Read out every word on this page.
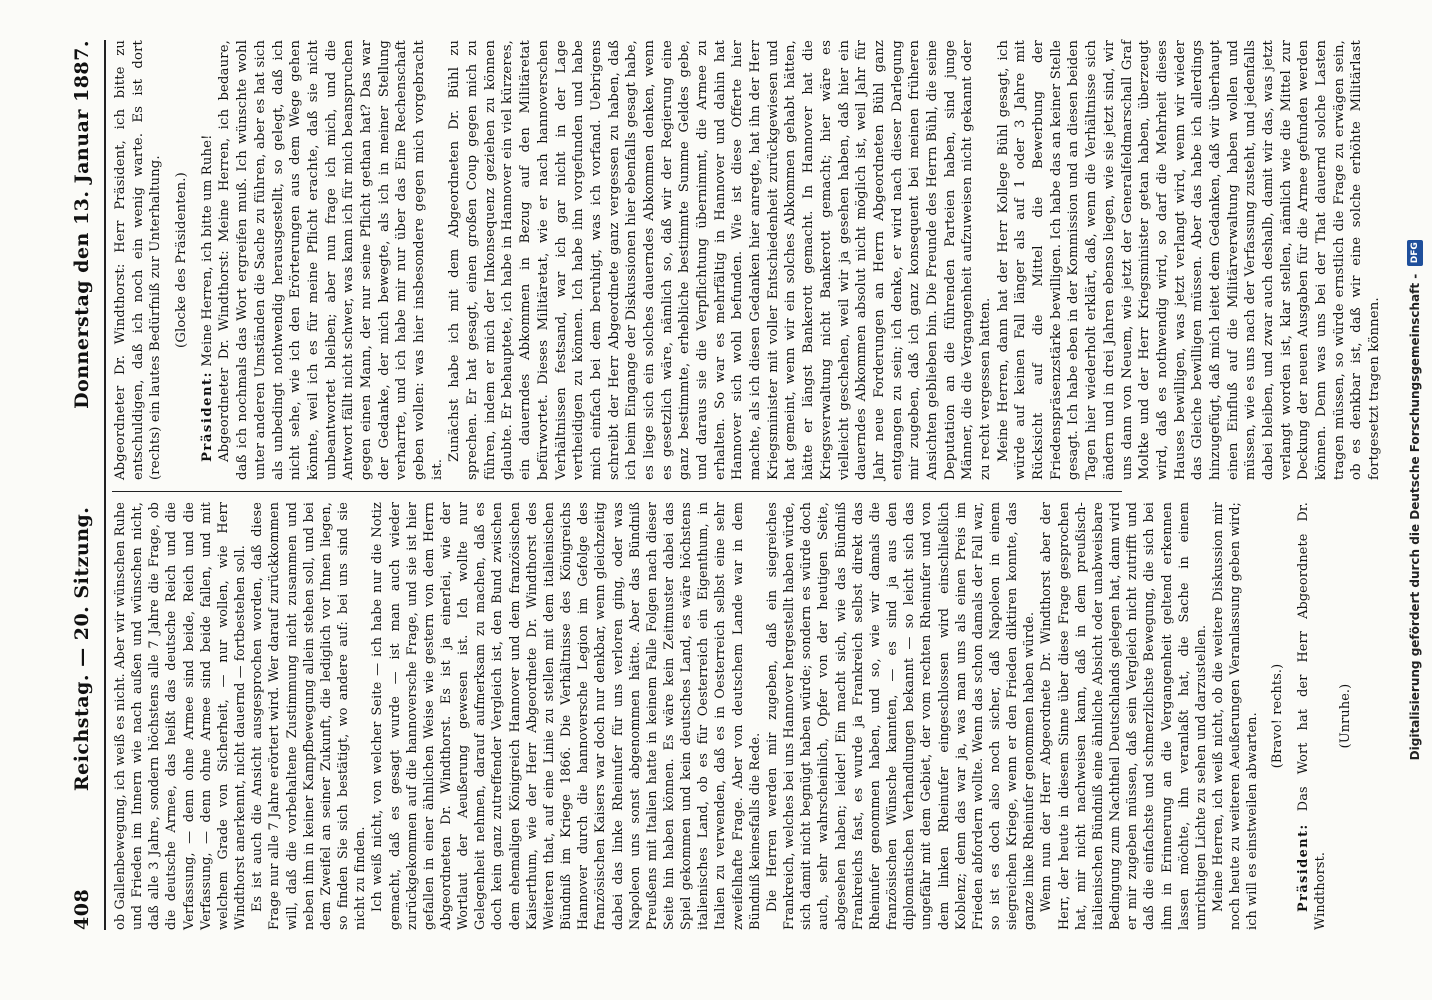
408
Reichstag. — 20. Sitzung.
Donnerstag den 13. Januar 1887.

ob Gallenbewegung, ich weiß es nicht. Aber wir wünschen Ruhe und Frieden im Innern wie nach außen und wünschen nicht, daß alle 3 Jahre, sondern höchstens alle 7 Jahre die Frage, ob die deutsche Armee, das heißt das deutsche Reich und die Verfassung, — denn ohne Armee sind beide, Reich und die Verfassung, — denn ohne Armee sind beide fallen, und mit welchem Grade von Sicherheit, — nur wollen, wie Herr Windthorst anerkennt, nicht dauernd — fortbestehen soll. Es ist auch die Ansicht ausgesprochen worden, daß diese Frage nur alle 7 Jahre erörtert wird. Wer darauf zurückkommen will, daß die vorbehaltene Zustimmung nicht zusammen und neben ihm in keiner Kampfbewegung allein stehen soll, und bei dem Zweifel an seiner Zukunft, die lediglich vor Ihnen liegen, so finden Sie sich bestätigt, wo andere auf: bei uns sind sie nicht zu finden. Ich weiß nicht, von welcher Seite — ich habe nur die Notiz gemacht, daß es gesagt wurde — ist man auch wieder zurückgekommen auf die hannoversche Frage, und sie ist hier gefallen in einer ähnlichen Weise wie gestern von dem Herrn Abgeordneten Dr. Windthorst. Es ist ja einerlei, wie der Wortlaut der Aeußerung gewesen ist. Ich wollte nur Gelegenheit nehmen, darauf aufmerksam zu machen, daß es doch kein ganz zutreffender Vergleich ist, den Bund zwischen dem ehemaligen Königreich Hannover und dem französischen Kaiserthum, wie der Herr Abgeordnete Dr. Windthorst des Weiteren that, auf eine Linie zu stellen mit dem italienischen Bündniß im Kriege 1866. Die Verhältnisse des Königreichs Hannover durch die hannoversche Legion im Gefolge des französischen Kaisers war doch nur denkbar, wenn gleichzeitig dabei das linke Rheinufer für uns verloren ging, oder was Napoleon uns sonst abgenommen hätte. Aber das Bündniß Preußens mit Italien hatte in keinem Falle Folgen nach dieser Seite hin haben können. Es wäre kein Zeitmuster dabei das Spiel gekommen und kein deutsches Land, es wäre höchstens italienisches Land, ob es für Oesterreich ein Eigenthum, in Italien zu verwenden, daß es in Oesterreich selbst eine sehr zweifelhafte Frage. Aber von deutschem Lande war in dem Bündniß keinesfalls die Rede. Die Herren werden mir zugeben, daß ein siegreiches Frankreich, welches bei uns Hannover hergestellt haben würde, sich damit nicht begnügt haben würde; sondern es würde doch auch, sehr wahrscheinlich, Opfer von der heutigen Seite, abgesehen haben; leider! Ein macht sich, wie das Bündniß Frankreichs fast, es wurde ja Frankreich selbst direkt das Rheinufer genommen haben, und so, wie wir damals die französischen Wünsche kannten, — es sind ja aus den diplomatischen Verhandlungen bekannt — so leicht sich das ungefähr mit dem Gebiet, der vom rechten Rheinufer und von dem linken Rheinufer eingeschlossen wird einschließlich Koblenz; denn das war ja, was man uns als einen Preis im Frieden abfordern wollte. Wenn das schon damals der Fall war, so ist es doch also noch sicher, daß Napoleon in einem siegreichen Kriege, wenn er den Frieden diktiren konnte, das ganze linke Rheinufer genommen haben würde. Wenn nun der Herr Abgeordnete Dr. Windthorst aber der Herr, der heute in diesem Sinne über diese Frage gesprochen hat, mir nicht nachweisen kann, daß in dem preußisch-italienischen Bündniß eine ähnliche Absicht oder unabweisbare Bedingung zum Nachtheil Deutschlands gelegen hat, dann wird er mir zugeben müssen, daß sein Vergleich nicht zutrifft und daß die einfachste und schmerzlichste Bewegung, die sich bei ihm in Erinnerung an die Vergangenheit geltend erkennen lassen möchte, ihn veranlaßt hat, die Sache in einem unrichtigen Lichte zu sehen und darzustellen. Meine Herren, ich weiß nicht, ob die weitere Diskussion mir noch heute zu weiteren Aeußerungen Veranlassung geben wird; ich will es einstweilen abwarten. (Bravo! rechts.)

Präsident: Das Wort hat der Herr Abgeordnete Dr. Windthorst.

(Unruhe.)

Abgeordneter Dr. Windthorst: Herr Präsident, ich bitte zu entschuldigen, daß ich noch ein wenig warte. Es ist dort (rechts) ein lautes Bedürfniß zur Unterhaltung. (Glocke des Präsidenten.)

Präsident: Meine Herren, ich bitte um Ruhe! Abgeordneter Dr. Windthorst: Meine Herren, ich bedaure, daß ich nochmals das Wort ergreifen muß. Ich wünschte wohl unter anderen Umständen die Sache zu führen, aber es hat sich als unbedingt nothwendig herausgestellt, so gelegt, daß ich nicht sehe, wie ich den Erörterungen aus dem Wege gehen könnte, weil ich es für meine Pflicht erachte, daß sie nicht unbeantwortet bleiben; aber nun frage ich mich, und die Antwort fällt nicht schwer, was kann ich für mich beanspruchen gegen einen Mann, der nur seine Pflicht gethan hat? Das war der Gedanke, der mich bewegte, als ich in meiner Stellung verharrte, und ich habe mir nur über das Eine Rechenschaft geben wollen: was hier insbesondere gegen mich vorgebracht ist.

Zunächst habe ich mit dem Abgeordneten Dr. Bühl zu sprechen. Er hat gesagt, einen großen Coup gegen mich zu führen, indem er mich der Inkonsequenz geziehen zu können glaubte. Er behauptete, ich habe in Hannover ein viel kürzeres, ein dauerndes Abkommen in Bezug auf den Militäretat befürwortet. Dieses Militäretat, wie er nach hannoverschen Verhältnissen festsand, war ich gar nicht in der Lage vertheidigen zu können. Ich habe ihn vorgefunden und habe mich einfach bei dem beruhigt, was ich vorfand. Uebrigens schreibt der Herr Abgeordnete ganz vergessen zu haben, daß ich beim Eingange der Diskussionen hier ebenfalls gesagt habe, es liege sich ein solches dauerndes Abkommen denken, wenn es gesetzlich wäre, nämlich so, daß wir der Regierung eine ganz bestimmte, erhebliche bestimmte Summe Geldes gebe, und daraus sie die Verpflichtung übernimmt, die Armee zu erhalten. So war es mehrfältig in Hannover und dahin hat Hannover sich wohl befunden. Wie ist diese Offerte hier machte, als ich diesen Gedanken hier anregte, hat ihn der Herr Kriegsminister mit voller Entschiedenheit zurückgewiesen und hat gemeint, wenn wir ein solches Abkommen gehabt hätten, hätte er längst Bankerott gemacht. In Hannover hat die Kriegsverwaltung nicht Bankerott gemacht; hier wäre es vielleicht geschehen, weil wir ja gesehen haben, daß hier ein dauerndes Abkommen absolut nicht möglich ist, weil Jahr für Jahr neue Forderungen an Herrn Abgeordneten Bühl ganz entgangen zu sein; ich denke, er wird nach dieser Darlegung mir zugeben, daß ich ganz konsequent bei meinen früheren Ansichten geblieben bin. Die Freunde des Herrn Bühl, die seine Deputation an die führenden Parteien haben, sind junge Männer, die die Vergangenheit aufzuweisen nicht gekannt oder zu recht vergessen hatten. Meine Herren, dann hat der Herr Kollege Bühl gesagt, ich würde auf keinen Fall länger als auf 1 oder 3 Jahre mit Rücksicht auf die Mittel die Bewerbung der Friedenspräsenzstärke bewilligen. Ich habe das an keiner Stelle gesagt. Ich habe eben in der Kommission und an diesen beiden Tagen hier wiederholt erklärt, daß, wenn die Verhältnisse sich ändern und in drei Jahren ebenso liegen, wie sie jetzt sind, wir uns dann von Neuem, wie jetzt der Generalfeldmarschall Graf Moltke und der Herr Kriegsminister getan haben, überzeugt wird, daß es nothwendig wird, so darf die Mehrheit dieses Hauses bewilligen, was jetzt verlangt wird, wenn wir wieder das Gleiche bewilligen müssen. Aber das habe ich allerdings hinzugefügt, daß mich leitet dem Gedanken, daß wir überhaupt einen Einfluß auf die Militärverwaltung haben wollen und müssen, wie es uns nach der Verfassung zusteht, und jedenfalls dabei bleiben, und zwar auch deshalb, damit wir das, was jetzt verlangt worden ist, klar stellen, nämlich wie die Mittel zur Deckung der neuen Ausgaben für die Armee gefunden werden können. Denn was uns bei der That dauernd solche Lasten tragen müssen, so würde ernstlich die Frage zu erwägen sein, ob es denkbar ist, daß wir eine solche erhöhte Militärlast fortgesetzt tragen können. Digitalisierung gefördert durch die Deutsche Forschungsgemeinschaft -
DFG
